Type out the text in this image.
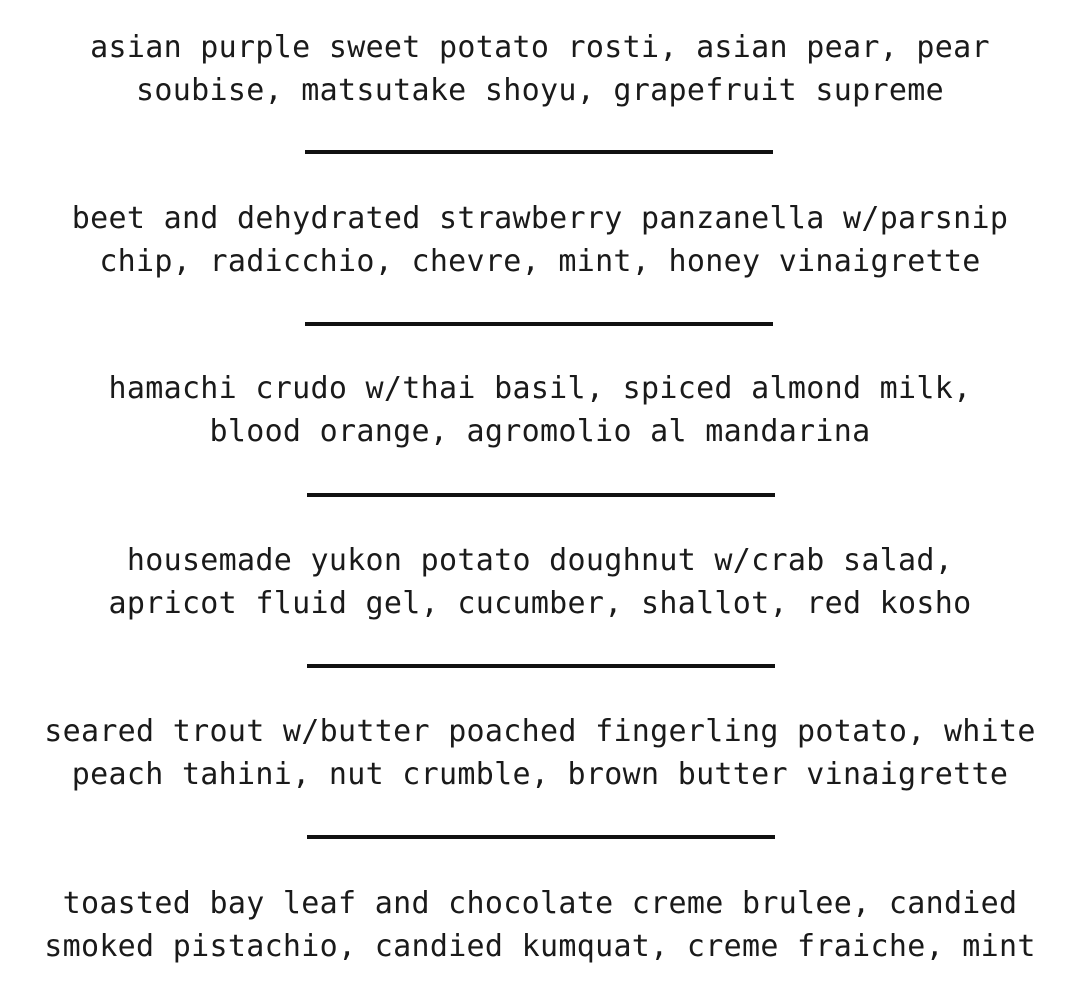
asian purple sweet potato rosti, asian pear, pear
soubise, matsutake shoyu, grapefruit supreme
beet and dehydrated strawberry panzanella w/parsnip
chip, radicchio, chevre, mint, honey vinaigrette
hamachi crudo w/thai basil, spiced almond milk,
blood orange, agromolio al mandarina
housemade yukon potato doughnut w/crab salad,
apricot fluid gel, cucumber, shallot, red kosho
seared trout w/butter poached fingerling potato, white
peach tahini, nut crumble, brown butter vinaigrette
toasted bay leaf and chocolate creme brulee, candied
smoked pistachio, candied kumquat, creme fraiche, mint
